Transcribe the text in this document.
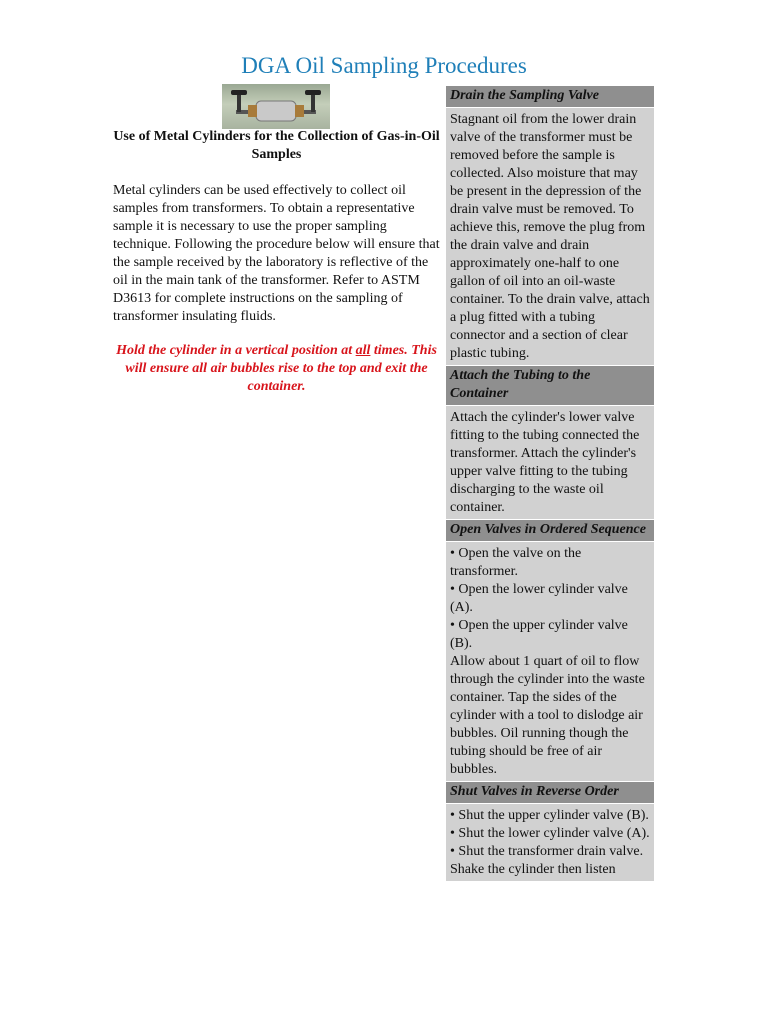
DGA Oil Sampling Procedures

Use of Metal Cylinders for the Collection of Gas-in-Oil Samples

Metal cylinders can be used effectively to collect oil samples from transformers. To obtain a representative sample it is necessary to use the proper sampling technique. Following the procedure below will ensure that the sample received by the laboratory is reflective of the oil in the main tank of the transformer. Refer to ASTM D3613 for complete instructions on the sampling of transformer insulating fluids.

Hold the cylinder in a vertical position at all times. This will ensure all air bubbles rise to the top and exit the container.

Drain the Sampling Valve
Stagnant oil from the lower drain valve of the transformer must be removed before the sample is collected. Also moisture that may be present in the depression of the drain valve must be removed. To achieve this, remove the plug from the drain valve and drain approximately one-half to one gallon of oil into an oil-waste container. To the drain valve, attach a plug fitted with a tubing connector and a section of clear plastic tubing.
Attach the Tubing to the Container
Attach the cylinder's lower valve fitting to the tubing connected the transformer. Attach the cylinder's upper valve fitting to the tubing discharging to the waste oil container.
Open Valves in Ordered Sequence
• Open the valve on the transformer.
• Open the lower cylinder valve (A).
• Open the upper cylinder valve (B).
Allow about 1 quart of oil to flow through the cylinder into the waste container. Tap the sides of the cylinder with a tool to dislodge air bubbles. Oil running though the tubing should be free of air bubbles.
Shut Valves in Reverse Order
• Shut the upper cylinder valve (B).
• Shut the lower cylinder valve (A).
• Shut the transformer drain valve.
Shake the cylinder then listen
